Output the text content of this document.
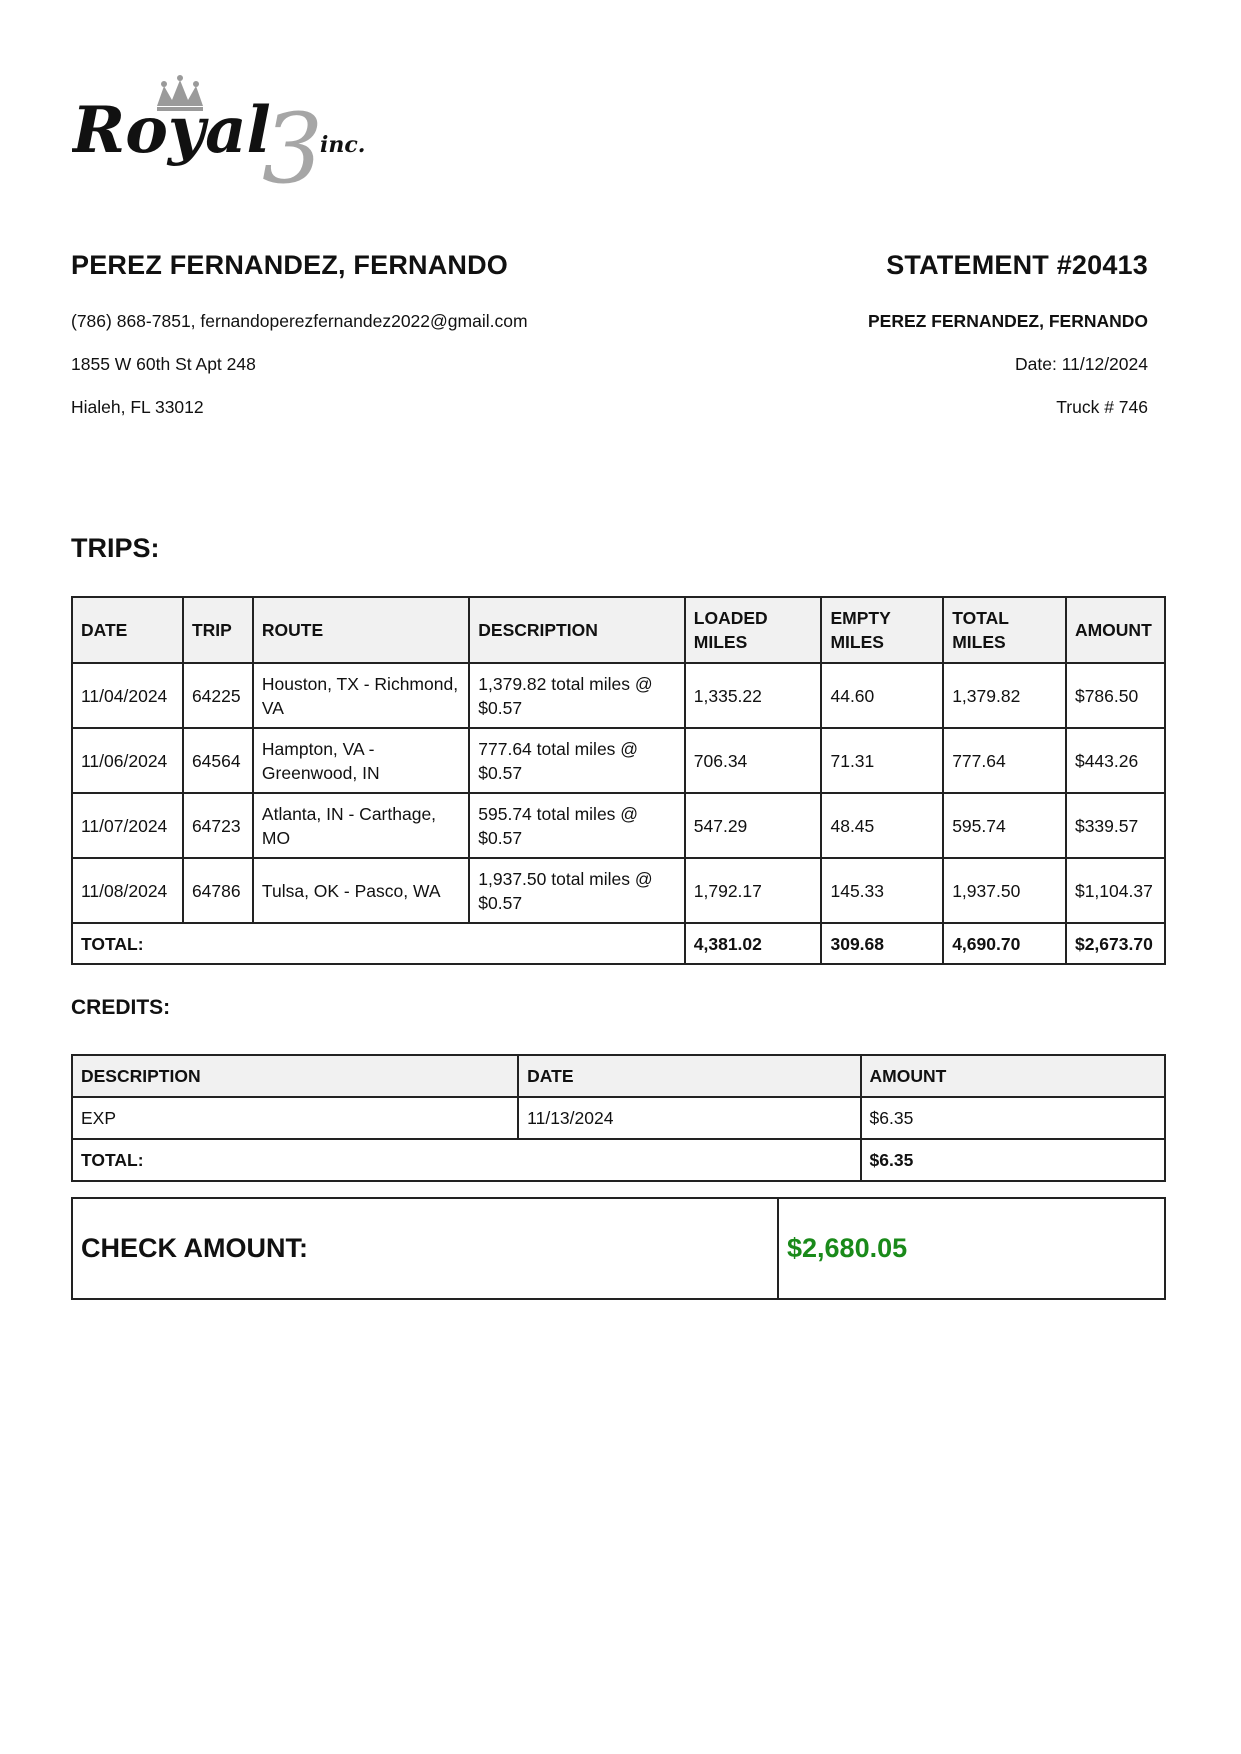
3
Royal inc.
PEREZ FERNANDEZ, FERNANDO
(786) 868-7851, fernandoperezfernandez2022@gmail.com
1855 W 60th St Apt 248
Hialeh, FL 33012
STATEMENT #20413
PEREZ FERNANDEZ, FERNANDO
Date: 11/12/2024
Truck # 746
TRIPS:
DATE	TRIP	ROUTE	DESCRIPTION	LOADED MILES	EMPTY MILES	TOTAL MILES	AMOUNT
11/04/2024	64225	Houston, TX - Richmond, VA	1,379.82 total miles @ $0.57	1,335.22	44.60	1,379.82	$786.50
11/06/2024	64564	Hampton, VA - Greenwood, IN	777.64 total miles @ $0.57	706.34	71.31	777.64	$443.26
11/07/2024	64723	Atlanta, IN - Carthage, MO	595.74 total miles @ $0.57	547.29	48.45	595.74	$339.57
11/08/2024	64786	Tulsa, OK - Pasco, WA	1,937.50 total miles @ $0.57	1,792.17	145.33	1,937.50	$1,104.37
TOTAL:				4,381.02	309.68	4,690.70	$2,673.70
CREDITS:
DESCRIPTION	DATE	AMOUNT
EXP	11/13/2024	$6.35
TOTAL:		$6.35
CHECK AMOUNT:	$2,680.05
